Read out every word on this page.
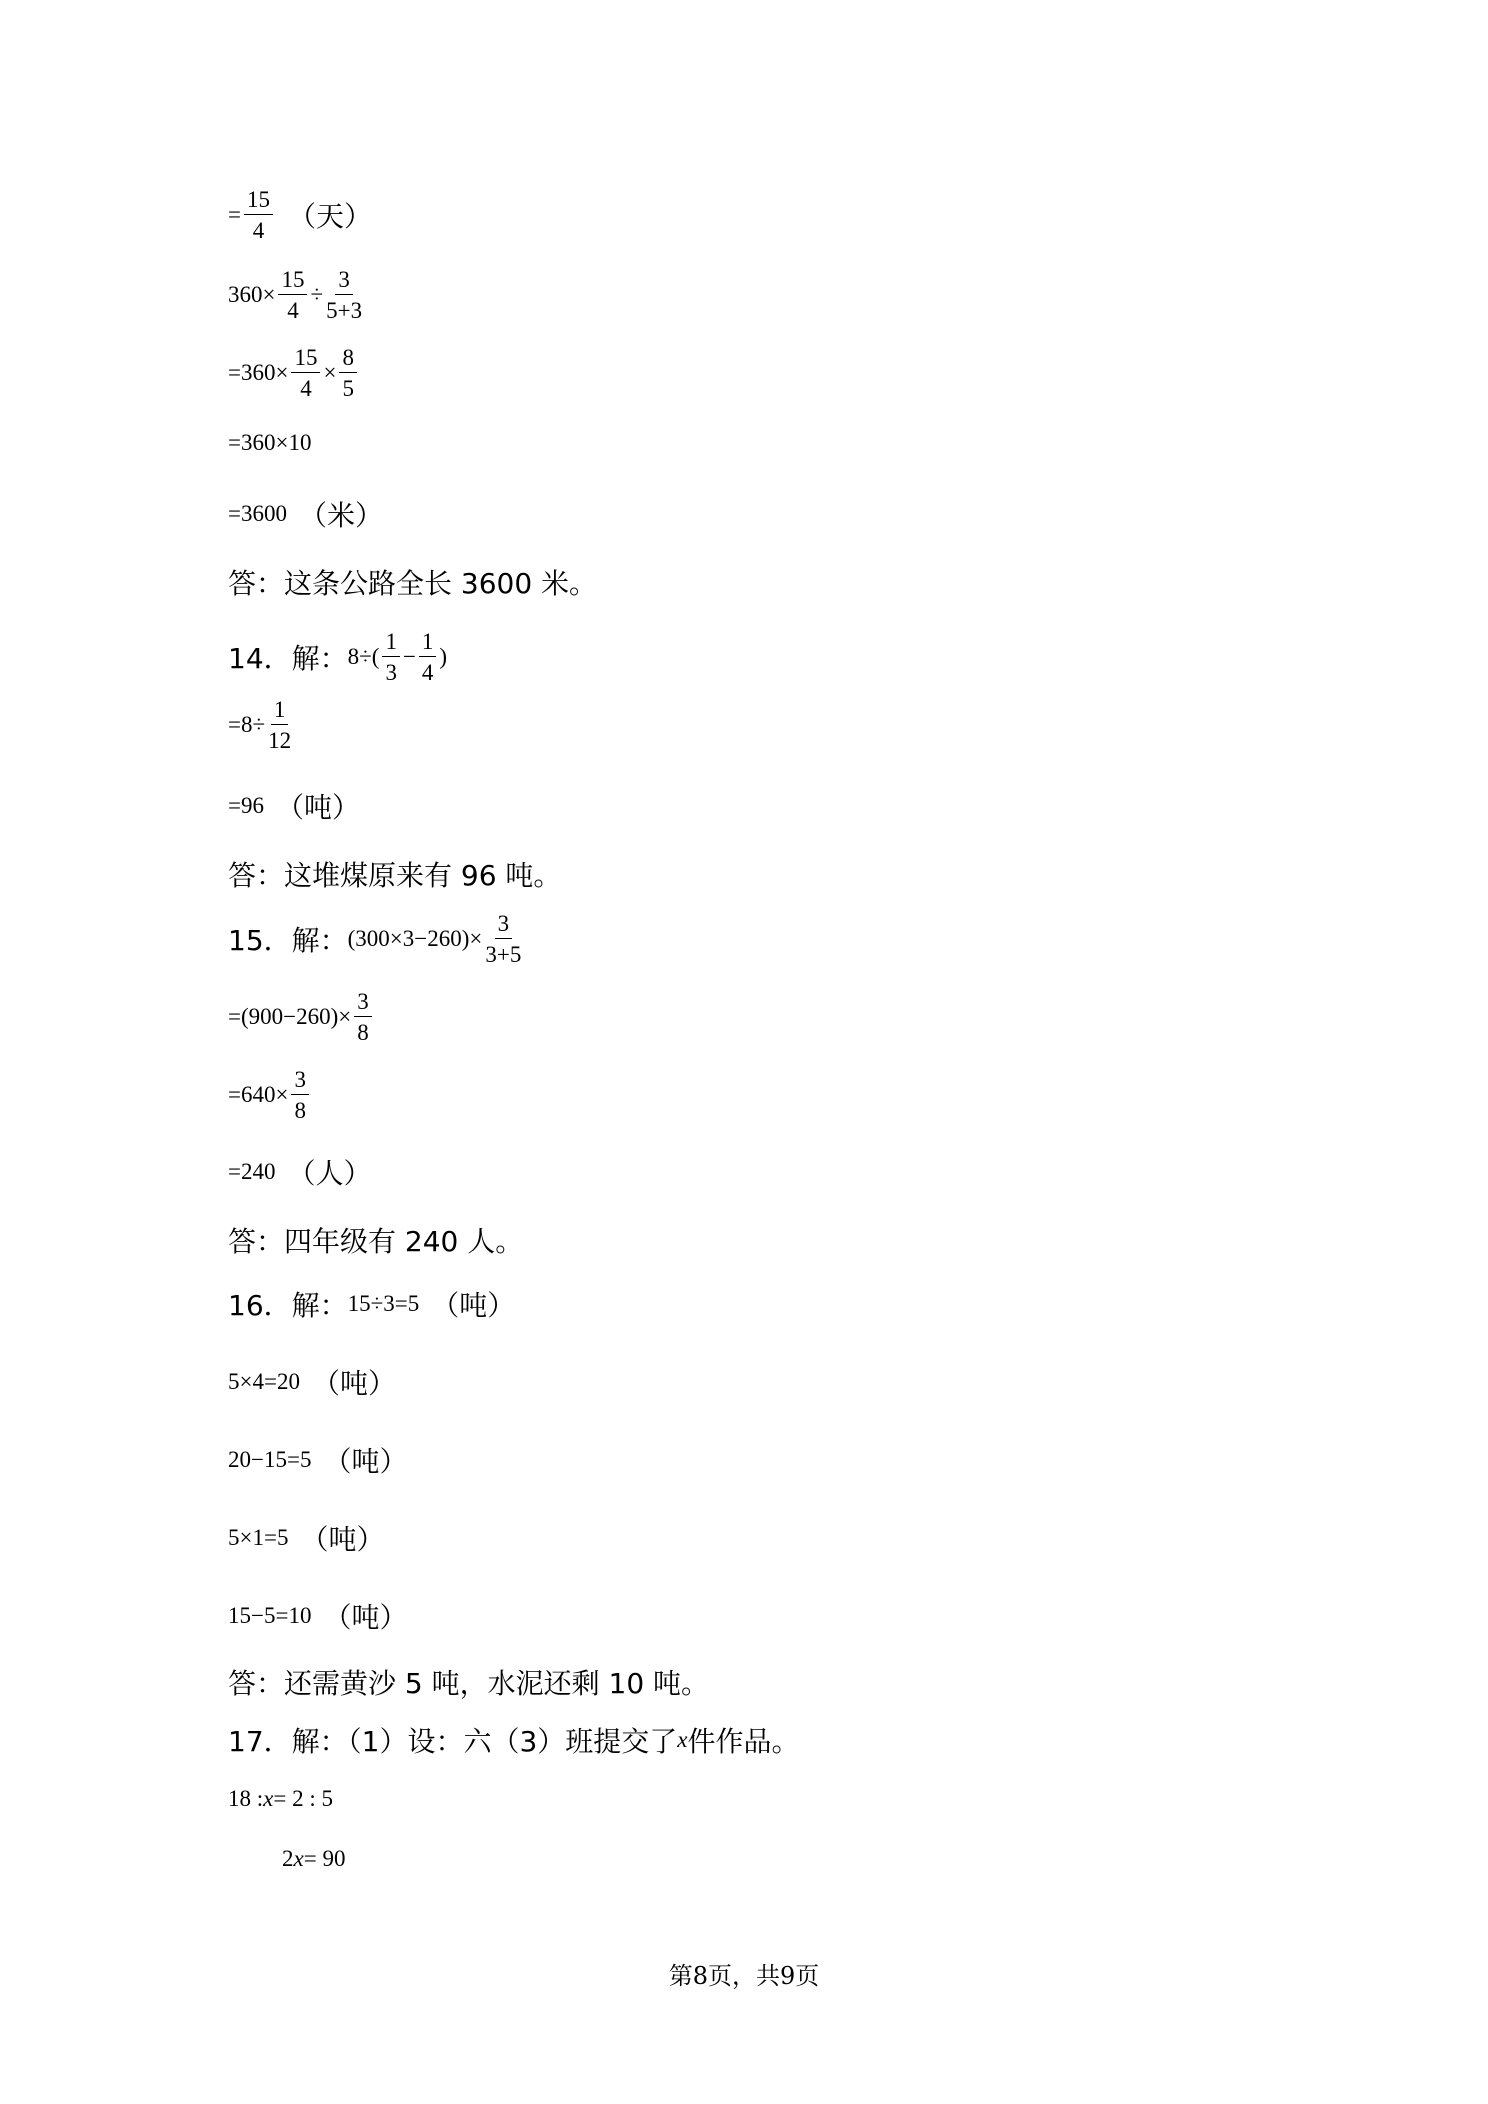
= $\frac{15}{4}$ （天）
$360\times \frac{15}{4} \div \frac{3}{5+3}$
$=360\times \frac{15}{4} \times \frac{8}{5}$
=360×10
=3600 （米）
答：这条公路全长 3600 米。
14．解： $8\div( \frac{1}{3} - \frac{1}{4}$ )
$=8\div \frac{1}{12}$
=96 （吨）
答：这堆煤原来有 96 吨。
15．解： $(300\times 3-260)\times \frac{3}{3+5}$
$=(900-260)\times \frac{3}{8}$
$=640\times \frac{3}{8}$
=240 （人）
答：四年级有 240 人。
16．解： 15÷3=5 （吨）
5×4=20 （吨）
20−15=5 （吨）
5×1=5 （吨）
15−5=10 （吨）
答：还需黄沙 5 吨，水泥还剩 10 吨。
17．解：（1）设：六（3）班提交了 x 件作品。
18 : x = 2 : 5
2 x = 90
第8页，共9页
